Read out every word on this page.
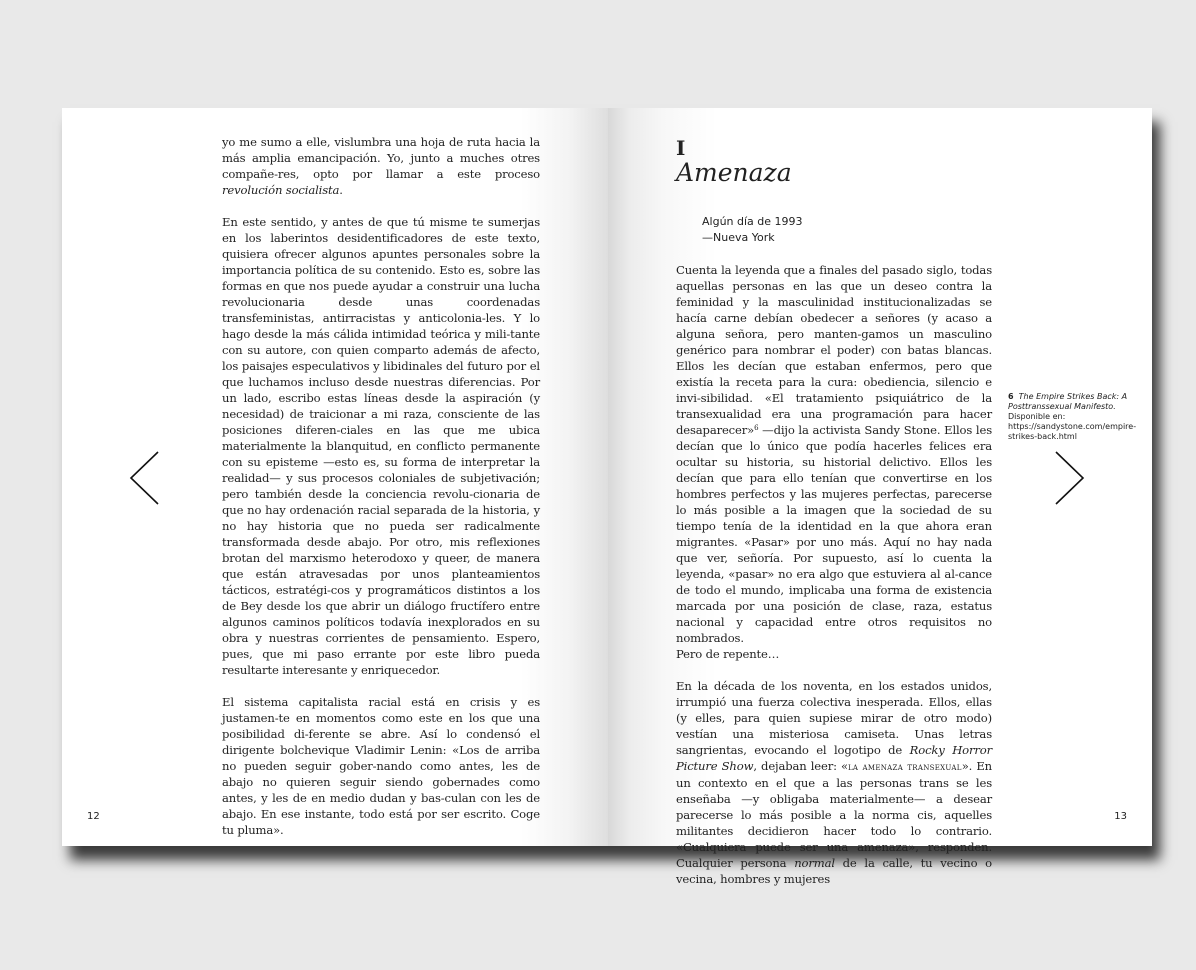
yo me sumo a elle, vislumbra una hoja de ruta hacia la más amplia emancipación. Yo, junto a muches otres compañe-res, opto por llamar a este proceso revolución socialista.

En este sentido, y antes de que tú misme te sumerjas en los laberintos desidentificadores de este texto, quisiera ofrecer algunos apuntes personales sobre la importancia política de su contenido. Esto es, sobre las formas en que nos puede ayudar a construir una lucha revolucionaria desde unas coordenadas transfeministas, antirracistas y anticolonia-les. Y lo hago desde la más cálida intimidad teórica y mili-tante con su autore, con quien comparto además de afecto, los paisajes especulativos y libidinales del futuro por el que luchamos incluso desde nuestras diferencias. Por un lado, escribo estas líneas desde la aspiración (y necesidad) de traicionar a mi raza, consciente de las posiciones diferen-ciales en las que me ubica materialmente la blanquitud, en conflicto permanente con su episteme —esto es, su forma de interpretar la realidad— y sus procesos coloniales de subjetivación; pero también desde la conciencia revolu-cionaria de que no hay ordenación racial separada de la historia, y no hay historia que no pueda ser radicalmente transformada desde abajo. Por otro, mis reflexiones brotan del marxismo heterodoxo y queer, de manera que están atravesadas por unos planteamientos tácticos, estratégi-cos y programáticos distintos a los de Bey desde los que abrir un diálogo fructífero entre algunos caminos políticos todavía inexplorados en su obra y nuestras corrientes de pensamiento. Espero, pues, que mi paso errante por este libro pueda resultarte interesante y enriquecedor.

El sistema capitalista racial está en crisis y es justamen-te en momentos como este en los que una posibilidad di-ferente se abre. Así lo condensó el dirigente bolchevique Vladimir Lenin: «Los de arriba no pueden seguir gober-nando como antes, les de abajo no quieren seguir siendo gobernades como antes, y les de en medio dudan y bas-culan con les de abajo. En ese instante, todo está por ser escrito. Coge tu pluma».

12
I
Amenaza
Algún día de 1993
—Nueva York

Cuenta la leyenda que a finales del pasado siglo, todas aquellas personas en las que un deseo contra la feminidad y la masculinidad institucionalizadas se hacía carne debían obedecer a señores (y acaso a alguna señora, pero manten-gamos un masculino genérico para nombrar el poder) con batas blancas. Ellos les decían que estaban enfermos, pero que existía la receta para la cura: obediencia, silencio e invi-sibilidad. «El tratamiento psiquiátrico de la transexualidad era una programación para hacer desaparecer»$^6$ —dijo la activista Sandy Stone. Ellos les decían que lo único que podía hacerles felices era ocultar su historia, su historial delictivo. Ellos les decían que para ello tenían que convertirse en los hombres perfectos y las mujeres perfectas, parecerse lo más posible a la imagen que la sociedad de su tiempo tenía de la identidad en la que ahora eran migrantes. «Pasar» por uno más. Aquí no hay nada que ver, señoría. Por supuesto, así lo cuenta la leyenda, «pasar» no era algo que estuviera al al-cance de todo el mundo, implicaba una forma de existencia marcada por una posición de clase, raza, estatus nacional y capacidad entre otros requisitos no nombrados.

Pero de repente…

En la década de los noventa, en los estados unidos, irrumpió una fuerza colectiva inesperada. Ellos, ellas (y elles, para quien supiese mirar de otro modo) vestían una misteriosa camiseta. Unas letras sangrientas, evocando el logotipo de Rocky Horror Picture Show, dejaban leer: «la amenaza transexual». En un contexto en el que a las personas trans se les enseñaba —y obligaba materialmente— a desear parecerse lo más posible a la norma cis, aquelles militantes decidieron hacer todo lo contrario. «Cualquiera puede ser una amenaza», responden. Cualquier persona normal de la calle, tu vecino o vecina, hombres y mujeres

6 The Empire Strikes Back: A Posttranssexual Manifesto. Disponible en: https://sandystone.com/empire-strikes-back.html
13
